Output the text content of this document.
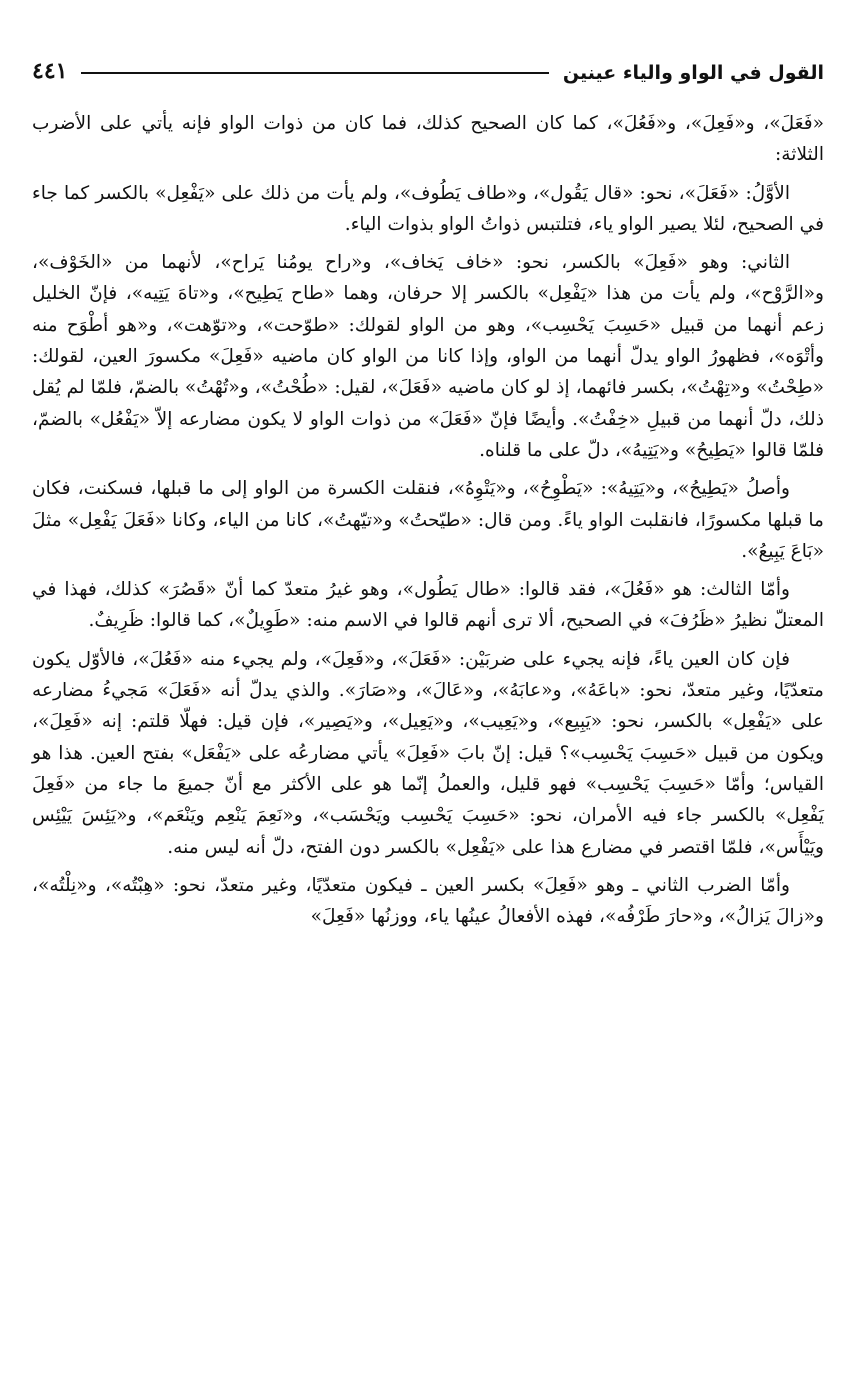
القول في الواو والياء عينين
٤٤١

«فَعَلَ»، و«فَعِلَ»، و«فَعُلَ»، كما كان الصحيح كذلك، فما كان من ذوات الواو فإنه يأتي على الأضرب الثلاثة:

الأوَّلُ: «فَعَلَ»، نحو: «قال يَقُول»، و«طاف يَطُوف»، ولم يأت من ذلك على «يَفْعِل» بالكسر كما جاء في الصحيح، لئلا يصير الواو ياء، فتلتبس ذواتُ الواو بذوات الياء.

الثاني: وهو «فَعِلَ» بالكسر، نحو: «خاف يَخاف»، و«راح يومُنا يَراح»، لأنهما من «الخَوْف»، و«الرَّوْح»، ولم يأت من هذا «يَفْعِل» بالكسر إلا حرفان، وهما «طاح يَطِيح»، و«تاهَ يَتِيه»، فإنّ الخليل زعم أنهما من قبيل «حَسِبَ يَحْسِب»، وهو من الواو لقولك: «طوّحت»، و«توّهت»، و«هو أطْوَح منه وأتْوَه»، فظهورُ الواو يدلّ أنهما من الواو، وإذا كانا من الواو كان ماضيه «فَعِلَ» مكسورَ العين، لقولك: «طِحْتُ» و«تِهْتُ»، بكسر فائهما، إذ لو كان ماضيه «فَعَلَ»، لقيل: «طُحْتُ»، و«تُهْتُ» بالضمّ، فلمّا لم يُقل ذلك، دلّ أنهما من قبيلِ «خِفْتُ». وأيضًا فإنّ «فَعَلَ» من ذوات الواو لا يكون مضارعه إلاّ «يَفْعُل» بالضمّ، فلمّا قالوا «يَطِيحُ» و«يَتِيهُ»، دلّ على ما قلناه.

وأصلُ «يَطِيحُ»، و«يَتِيهُ»: «يَطْوِحُ»، و«يَتْوِهُ»، فنقلت الكسرة من الواو إلى ما قبلها، فسكنت، فكان ما قبلها مكسورًا، فانقلبت الواو ياءً. ومن قال: «طيّحتُ» و«تيّهتُ»، كانا من الياء، وكانا «فَعَلَ يَفْعِل» مثلَ «بَاعَ يَبِيعُ».

وأمّا الثالث: هو «فَعُلَ»، فقد قالوا: «طال يَطُول»، وهو غيرُ متعدّ كما أنّ «قَصُرَ» كذلك، فهذا في المعتلّ نظيرُ «ظَرُفَ» في الصحيح، ألا ترى أنهم قالوا في الاسم منه: «طَوِيلٌ»، كما قالوا: ظَرِيفٌ.

فإن كان العين ياءً، فإنه يجيء على ضربَيْن: «فَعَلَ»، و«فَعِلَ»، ولم يجيء منه «فَعُلَ»، فالأوّل يكون متعدّيًا، وغير متعدّ، نحو: «باعَهُ»، و«عابَهُ»، و«عَالَ»، و«صَارَ». والذي يدلّ أنه «فَعَلَ» مَجيءُ مضارعه على «يَفْعِل» بالكسر، نحو: «يَبِيع»، و«يَعِيب»، و«يَعِيل»، و«يَصِير»، فإن قيل: فهلّا قلتم: إنه «فَعِلَ»، ويكون من قبيل «حَسِبَ يَحْسِب»؟ قيل: إنّ بابَ «فَعِلَ» يأتي مضارعُه على «يَفْعَل» بفتح العين. هذا هو القياس؛ وأمّا «حَسِبَ يَحْسِب» فهو قليل، والعملُ إنّما هو على الأكثر مع أنّ جميعَ ما جاء من «فَعِلَ يَفْعِل» بالكسر جاء فيه الأمران، نحو: «حَسِبَ يَحْسِب ويَحْسَب»، و«نَعِمَ يَنْعِم ويَنْعَم»، و«يَئِسَ يَيْئِس ويَيْأَس»، فلمّا اقتصر في مضارع هذا على «يَفْعِل» بالكسر دون الفتح، دلّ أنه ليس منه.

وأمّا الضرب الثاني ـ وهو «فَعِلَ» بكسر العين ـ فيكون متعدّيًا، وغير متعدّ، نحو: «هِبْتُه»، و«نِلْتُه»، و«زالَ يَزالُ»، و«حارَ طَرْفُه»، فهذه الأفعالُ عينُها ياء، ووزنُها «فَعِلَ»
